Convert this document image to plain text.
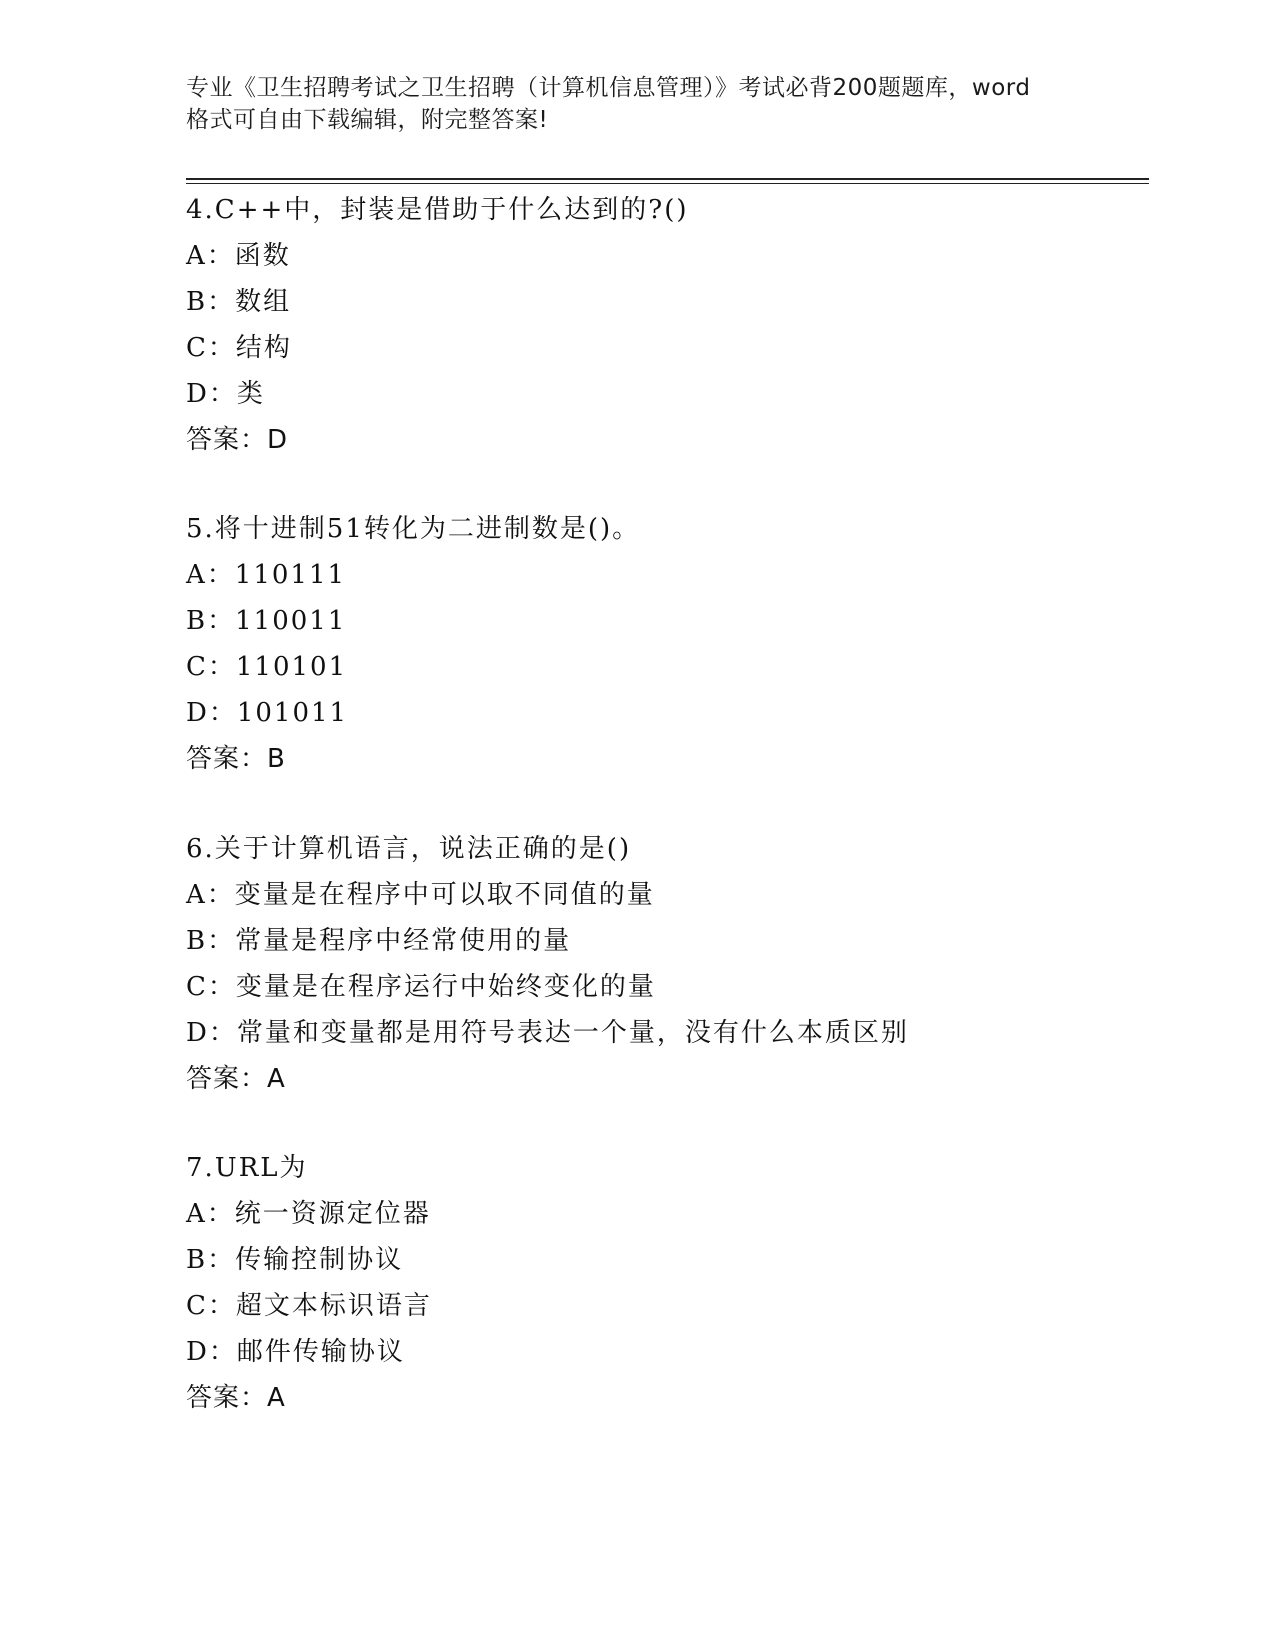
专业《卫生招聘考试之卫生招聘（计算机信息管理）》考试必背200题题库，word
格式可自由下载编辑，附完整答案!
4.C++中，封装是借助于什么达到的?()
A：函数
B：数组
C：结构
D：类
答案：D
5.将十进制51转化为二进制数是()。
A：110111
B：110011
C：110101
D：101011
答案：B
6.关于计算机语言，说法正确的是()
A：变量是在程序中可以取不同值的量
B：常量是程序中经常使用的量
C：变量是在程序运行中始终变化的量
D：常量和变量都是用符号表达一个量，没有什么本质区别
答案：A
7.URL为
A：统一资源定位器
B：传输控制协议
C：超文本标识语言
D：邮件传输协议
答案：A
